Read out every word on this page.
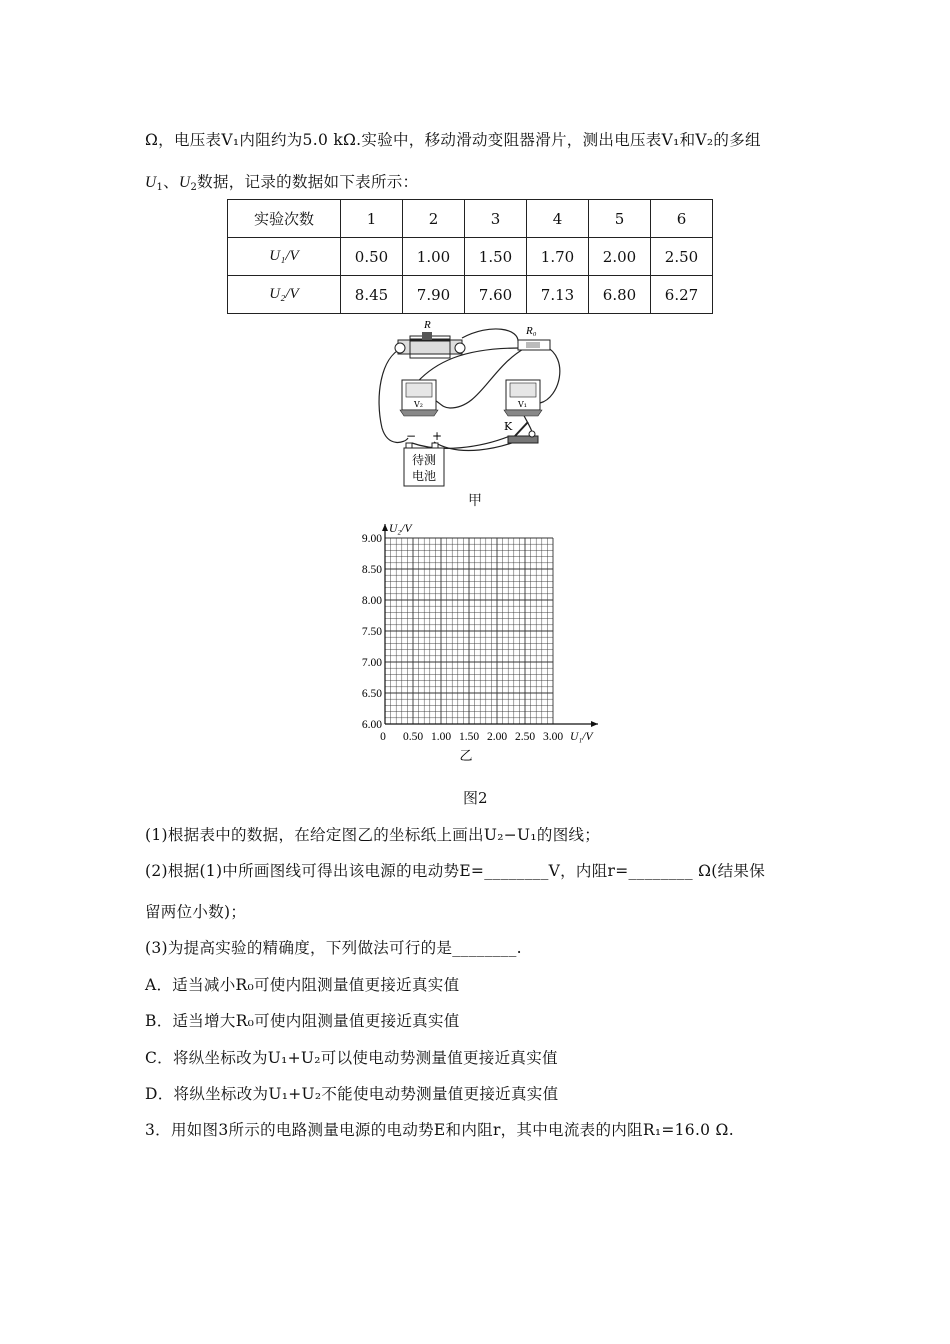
Ω，电压表V₁内阻约为5.0 kΩ.实验中，移动滑动变阻器滑片，测出电压表V₁和V₂的多组
$U_1$、$U_2$数据，记录的数据如下表所示：
实验次数	1	2	3	4	5	6
U₁/V	0.50	1.00	1.50	1.70	2.00	2.50
U₂/V	8.45	7.90	7.60	7.13	6.80	6.27
R	R₀
V₂	V₁
K
− +
待测
电池
甲
6.00
6.50
7.00
7.50
8.00
8.50
9.00
0 0.50 1.00 1.50 2.00 2.50 3.00 U₁/V
U₂/V
乙
图2
(1)根据表中的数据，在给定图乙的坐标纸上画出U₂−U₁的图线；
(2)根据(1)中所画图线可得出该电源的电动势E=________V，内阻r=________ Ω(结果保
留两位小数)；
(3)为提高实验的精确度，下列做法可行的是________.
A．适当减小R₀可使内阻测量值更接近真实值
B．适当增大R₀可使内阻测量值更接近真实值
C．将纵坐标改为U₁+U₂可以使电动势测量值更接近真实值
D．将纵坐标改为U₁+U₂不能使电动势测量值更接近真实值
3．用如图3所示的电路测量电源的电动势E和内阻r，其中电流表的内阻R₁=16.0 Ω.
